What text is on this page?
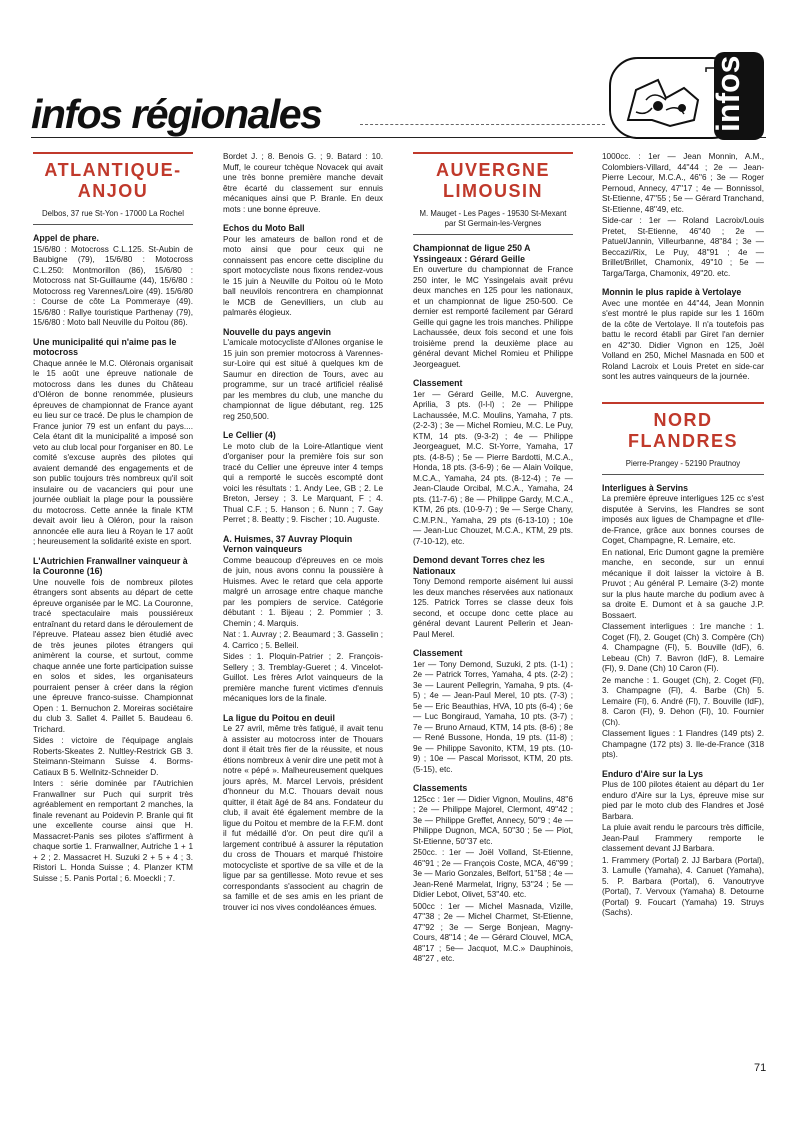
infos régionales	infos
ATLANTIQUE-
ANJOU
Delbos, 37 rue St-Yon - 17000 La Rochel
Appel de phare.

15/6/80 : Motocross C.L.125. St-Aubin de Baubigne (79), 15/6/80 : Motocross C.L.250: Montmorillon (86), 15/6/80 : Motocross nat St-Guillaume (44), 15/6/80 : Motocross reg Varennes/Loire (49). 15/6/80 : Course de côte La Pommeraye (49). 15/6/80 : Rallye touristique Parthenay (79), 15/6/80 : Moto ball Neuville du Poitou (86).

Une municipalité qui n'aime pas le motocross

Chaque année le M.C. Oléronais organisait le 15 août une épreuve nationale de motocross dans les dunes du Château d'Oléron de bonne renommée, plusieurs épreuves de championnat de France ayant eu lieu sur ce tracé. De plus le champion de France junior 79 est un enfant du pays.... Cela étant dit la municipalité a imposé son veto au club local pour l'organiser en 80. Le comité s'excuse auprès des pilotes qui avaient demandé des engagements et de son public toujours très nombreux qu'il soit insulaire ou de vacanciers qui pour une journée oubliait la plage pour la poussière du motocross. Cette année la finale KTM devait avoir lieu à Oléron, pour la raison annoncée elle aura lieu à Royan le 17 août ; heureusement la solidarité existe en sport.

L'Autrichien Franwallner vainqueur à la Couronne (16)

Une nouvelle fois de nombreux pilotes étrangers sont absents au départ de cette épreuve organisée par le MC. La Couronne, tracé spectaculaire mais poussiéreux entraînant du retard dans le déroulement de l'épreuve. Plateau assez bien étudié avec de très jeunes pilotes étrangers qui animèrent la course, et surtout, comme chaque année une forte participation suisse en solos et sides, les organisateurs pourraient penser à créer dans la région une épreuve franco-suisse. Championnat Open : 1. Bernuchon 2. Moreiras sociétaire du club 3. Sallet 4. Paillet 5. Baudeau 6. Trichard.

Sides : victoire de l'équipage anglais Roberts-Skeates 2. Nultley-Restrick GB 3. Steimann-Steimann Suisse 4. Borms-Catiaux B 5. Wellnitz-Schneider D.

Inters : série dominée par l'Autrichien Franwallner sur Puch qui surprit très agréablement en remportant 2 manches, la finale revenant au Poidevin P. Branle qui fit une excellente course ainsi que H. Massacret-Panis ses pilotes s'affirment à chaque sortie 1. Franwallner, Autriche 1 + 1 + 2 ; 2. Massacret H. Suzuki 2 + 5 + 4 ; 3. Ristori L. Honda Suisse ; 4. Planzer KTM Suisse ; 5. Panis Portal ; 6. Moeckli ; 7.

Bordet J. ; 8. Benois G. ; 9. Batard : 10. Muff, le coureur tchèque Novacek qui avait une très bonne première manche devait être écarté du classement sur ennuis mécaniques ainsi que P. Branle. En deux mots : une bonne épreuve.

Echos du Moto Ball

Pour les amateurs de ballon rond et de moto ainsi que pour ceux qui ne connaissent pas encore cette discipline du sport motocycliste nous fixons rendez-vous le 15 juin à Neuville du Poitou où le Moto ball neuvilois rencontrera en championnat le MCB de Genevilliers, un club au palmarès élogieux.

Nouvelle du pays angevin

L'amicale motocycliste d'Allones organise le 15 juin son premier motocross à Varennes-sur-Loire qui est situé à quelques km de Saumur en direction de Tours, avec au programme, sur un tracé artificiel réalisé par les membres du club, une manche du championnat de ligue débutant, reg. 125 reg 250,500.

Le Cellier (4)

Le moto club de la Loire-Atlantique vient d'organiser pour la première fois sur son tracé du Cellier une épreuve inter 4 temps qui a remporté le succès escompté dont voici les résultats : 1. Andy Lee, GB ; 2. Le Breton, Jersey ; 3. Le Marquant, F ; 4. Thual C.F. ; 5. Hanson ; 6. Nunn ; 7. Gay Perret ; 8. Beatty ; 9. Fischer ; 10. Auguste.

A. Huismes, 37 Auvray Ploquin Vernon vainqueurs

Comme beaucoup d'épreuves en ce mois de juin, nous avons connu la poussière à Huismes. Avec le retard que cela apporte malgré un arrosage entre chaque manche par les pompiers de service. Catégorie débutant : 1. Bijeau ; 2. Pommier ; 3. Chemin ; 4. Marquis.

Nat : 1. Auvray ; 2. Beaumard ; 3. Gasselin ; 4. Carrico ; 5. Belleil.

Sides : 1. Ploquin-Patrier ; 2. François-Sellery ; 3. Tremblay-Gueret ; 4. Vincelot-Guillot. Les frères Arlot vainqueurs de la première manche furent victimes d'ennuis mécaniques lors de la finale.

La ligue du Poitou en deuil

Le 27 avril, même très fatigué, il avait tenu à assister au motocross inter de Thouars dont il était très fier de la réussite, et nous étions nombreux à venir dire une petit mot à notre « pépé ». Malheureusement quelques jours après, M. Marcel Lervois, président d'honneur du M.C. Thouars devait nous quitter, il était âgé de 84 ans. Fondateur du club, il avait été également membre de la ligue du Poitou et membre de la F.F.M. dont il fut médaillé d'or. On peut dire qu'il a largement contribué à assurer la réputation du cross de Thouars et marqué l'histoire motocycliste et sportive de sa ville et de la ligue par sa gentillesse. Moto revue et ses correspondants s'associent au chagrin de sa famille et de ses amis en les priant de trouver ici nos vives condoléances émues.

AUVERGNE
LIMOUSIN
M. Mauget - Les Pages - 19530 St-Mexant par St Germain-les-Vergnes
Championnat de ligue 250 A Yssingeaux : Gérard Geille

En ouverture du championnat de France 250 inter, le MC Yssingelais avait prévu deux manches en 125 pour les nationaux, et un championnat de ligue 250-500. Ce dernier est remporté facilement par Gérard Geille qui gagne les trois manches. Philippe Lachaussée, deux fois second et une fois troisième prend la deuxième place au général devant Michel Romieu et Philippe Jeorgeaguet.

Classement

1er — Gérard Geille, M.C. Auvergne, Aprilia, 3 pts. (l-l-l) ; 2e — Philippe Lachaussée, M.C. Moulins, Yamaha, 7 pts. (2-2-3) ; 3e — Michel Romieu, M.C. Le Puy, KTM, 14 pts. (9-3-2) ; 4e — Philippe Jeorgeaguet, M.C. St-Yorre, Yamaha, 17 pts. (4-8-5) ; 5e — Pierre Bardotti, M.C.A., Honda, 18 pts. (3-6-9) ; 6e — Alain Voilque, M.C.A., Yamaha, 24 pts. (8-12-4) ; 7e — Jean-Claude Orcibal, M.C.A., Yamaha, 24 pts. (11-7-6) ; 8e — Philippe Gardy, M.C.A., KTM, 26 pts. (10-9-7) ; 9e — Serge Chany, C.M.P.N., Yamaha, 29 pts (6-13-10) ; 10e — Jean-Luc Chouzet, M.C.A., KTM, 29 pts. (7-10-12), etc.

Demond devant Torres chez les Nationaux

Tony Demond remporte aisément lui aussi les deux manches réservées aux nationaux 125. Patrick Torres se classe deux fois second, et occupe donc cette place au général devant Laurent Pellerin et Jean-Paul Merel.

Classement

1er — Tony Demond, Suzuki, 2 pts. (1-1) ; 2e — Patrick Torres, Yamaha, 4 pts. (2-2) ; 3e — Laurent Pellegrin, Yamaha, 9 pts. (4-5) ; 4e — Jean-Paul Merel, 10 pts. (7-3) ; 5e — Eric Beauthias, HVA, 10 pts (6-4) ; 6e — Luc Bongiraud, Yamaha, 10 pts. (3-7) ; 7e — Bruno Arnaud, KTM, 14 pts. (8-6) ; 8e — René Bussone, Honda, 19 pts. (11-8) ; 9e — Philippe Savonito, KTM, 19 pts. (10-9) ; 10e — Pascal Morissot, KTM, 20 pts. (5-15), etc.

Classements

125cc : 1er — Didier Vignon, Moulins, 48''6 ; 2e — Philippe Majorel, Clermont, 49''42 ; 3e — Philippe Greffet, Annecy, 50''9 ; 4e — Philippe Dugnon, MCA, 50''30 ; 5e — Piot, St-Etienne, 50''37 etc.

250cc. : 1er — Joël Volland, St-Etienne, 46''91 ; 2e — François Coste, MCA, 46''99 ; 3e — Mario Gonzales, Belfort, 51''58 ; 4e — Jean-René Marmelat, Irigny, 53''24 ; 5e — Didier Lebot, Olivet, 53''40. etc.

500cc : 1er — Michel Masnada, Vizille, 47''38 ; 2e — Michel Charmet, St-Etienne, 47''92 ; 3e — Serge Bonjean, Magny-Cours, 48''14 ; 4e — Gérard Clouvel, MCA, 48''17 ; 5e— Jacquot, M.C.» Dauphinois, 48''27 , etc.

1000cc. : 1er — Jean Monnin, A.M., Colombiers-Villard, 44''44 ; 2e — Jean-Pierre Lecour, M.C.A., 46''6 ; 3e — Roger Pernoud, Annecy, 47''17 ; 4e — Bonnissol, St-Etienne, 47''55 ; 5e — Gérard Tranchand, St-Etienne, 48''49, etc.

Side-car : 1er — Roland Lacroix/Louis Pretet, St-Etienne, 46''40 ; 2e — Patuel/Jannin, Villeurbanne, 48''84 ; 3e — Beccazi/Rix, Le Puy, 48''91 ; 4e — Brillet/Brillet, Chamonix, 49''10 ; 5e — Targa/Targa, Chamonix, 49''20. etc.

Monnin le plus rapide à Vertolaye

Avec une montée en 44''44, Jean Monnin s'est montré le plus rapide sur les 1 160m de la côte de Vertolaye. Il n'a toutefois pas battu le record établi par Giret l'an dernier en 42''30. Didier Vignon en 125, Joël Volland en 250, Michel Masnada en 500 et Roland Lacroix et Louis Pretet en side-car sont les autres vainqueurs de la journée.

NORD
FLANDRES
Pierre-Prangey - 52190 Prautnoy
Interligues à Servins

La première épreuve interligues 125 cc s'est disputée à Servins, les Flandres se sont imposés aux ligues de Champagne et d'Ile-de-France, grâce aux bonnes courses de Coget, Champagne, R. Lemaire, etc.

En national, Eric Dumont gagne la première manche, en seconde, sur un ennui mécanique il doit laisser la victoire à B. Pruvot ; Au général P. Lemaire (3-2) monte sur la plus haute marche du podium avec à sa droite E. Dumont et à sa gauche J.P. Bossaert.

Classement interligues : 1re manche : 1. Coget (Fl), 2. Gouget (Ch) 3. Compère (Ch) 4. Champagne (Fl), 5. Bouville (IdF), 6. Lebeau (Ch) 7. Bavron (IdF), 8. Lemaire (Fl), 9. Dane (Ch) 10 Caron (Fl).

2e manche : 1. Gouget (Ch), 2. Coget (Fl), 3. Champagne (Fl), 4. Barbe (Ch) 5. Lemaire (Fl), 6. André (Fl), 7. Bouville (IdF), 8. Caron (Fl), 9. Dehon (Fl), 10. Fournier (Ch).

Classement ligues : 1 Flandres (149 pts) 2. Champagne (172 pts) 3. Ile-de-France (318 pts).

Enduro d'Aire sur la Lys

Plus de 100 pilotes étaient au départ du 1er enduro d'Aire sur la Lys, épreuve mise sur pied par le moto club des Flandres et José Barbara.

La pluie avait rendu le parcours très difficile, Jean-Paul Frammery remporte le classement devant JJ Barbara.

1. Frammery (Portal) 2. JJ Barbara (Portal), 3. Lamulle (Yamaha), 4. Canuet (Yamaha), 5. P. Barbara (Portal), 6. Vanoutryve (Portal), 7. Vervoux (Yamaha) 8. Detourne (Portal) 9. Foucart (Yamaha) 19. Struys (Sachs).

71
